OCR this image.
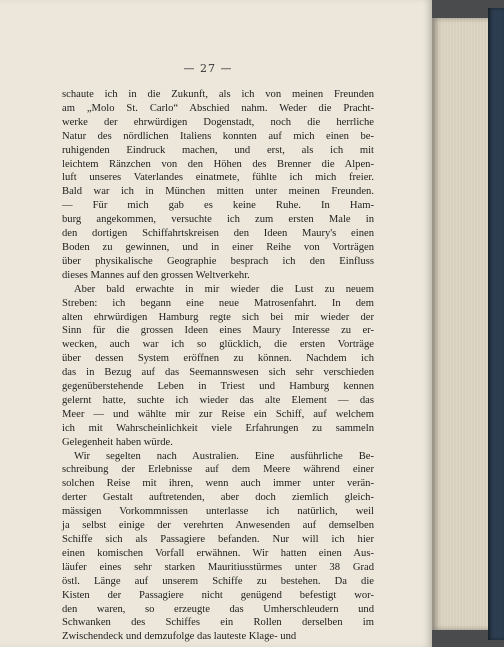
— 27 —
schaute ich in die Zukunft, als ich von meinen Freunden
am „Molo St. Carlo“ Abschied nahm. Weder die Pracht-
werke der ehrwürdigen Dogenstadt, noch die herrliche
Natur des nördlichen Italiens konnten auf mich einen be-
ruhigenden Eindruck machen, und erst, als ich mit
leichtem Ränzchen von den Höhen des Brenner die Alpen-
luft unseres Vaterlandes einatmete, fühlte ich mich freier.
Bald war ich in München mitten unter meinen Freunden.
— Für mich gab es keine Ruhe. In Ham-
burg angekommen, versuchte ich zum ersten Male in
den dortigen Schiffahrtskreisen den Ideen Maury's einen
Boden zu gewinnen, und in einer Reihe von Vorträgen
über physikalische Geographie besprach ich den Einfluss
dieses Mannes auf den grossen Weltverkehr.
Aber bald erwachte in mir wieder die Lust zu neuem
Streben: ich begann eine neue Matrosenfahrt. In dem
alten ehrwürdigen Hamburg regte sich bei mir wieder der
Sinn für die grossen Ideen eines Maury Interesse zu er-
wecken, auch war ich so glücklich, die ersten Vorträge
über dessen System eröffnen zu können. Nachdem ich
das in Bezug auf das Seemannswesen sich sehr verschieden
gegenüberstehende Leben in Triest und Hamburg kennen
gelernt hatte, suchte ich wieder das alte Element — das
Meer — und wählte mir zur Reise ein Schiff, auf welchem
ich mit Wahrscheinlichkeit viele Erfahrungen zu sammeln
Gelegenheit haben würde.
Wir segelten nach Australien. Eine ausführliche Be-
schreibung der Erlebnisse auf dem Meere während einer
solchen Reise mit ihren, wenn auch immer unter verän-
derter Gestalt auftretenden, aber doch ziemlich gleich-
mässigen Vorkommnissen unterlasse ich natürlich, weil
ja selbst einige der verehrten Anwesenden auf demselben
Schiffe sich als Passagiere befanden. Nur will ich hier
einen komischen Vorfall erwähnen. Wir hatten einen Aus-
läufer eines sehr starken Mauritiusstürmes unter 38 Grad
östl. Länge auf unserem Schiffe zu bestehen. Da die
Kisten der Passagiere nicht genügend befestigt wor-
den waren, so erzeugte das Umherschleudern und
Schwanken des Schiffes ein Rollen derselben im
Zwischendeck und demzufolge das lauteste Klage- und
